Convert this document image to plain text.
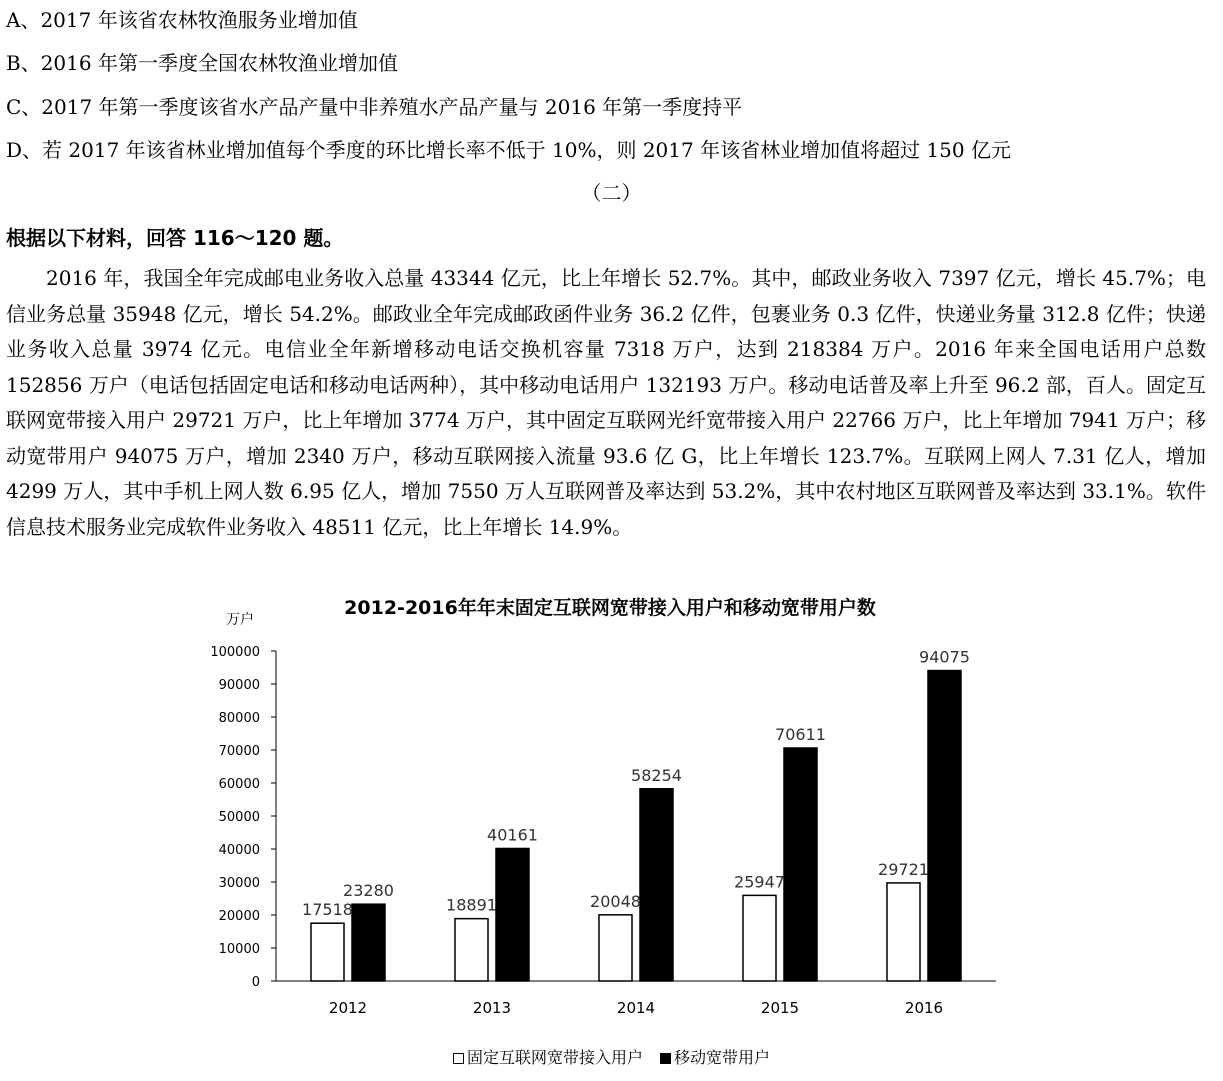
A、2017 年该省农林牧渔服务业增加值
B、2016 年第一季度全国农林牧渔业增加值
C、2017 年第一季度该省水产品产量中非养殖水产品产量与 2016 年第一季度持平
D、若 2017 年该省林业增加值每个季度的环比增长率不低于 10%，则 2017 年该省林业增加值将超过 150 亿元
（二）
根据以下材料，回答 116～120 题。

2016 年，我国全年完成邮电业务收入总量 43344 亿元，比上年增长 52.7%。其中，邮政业务收入 7397 亿元，增长 45.7%；电信业务总量 35948 亿元，增长 54.2%。邮政业全年完成邮政函件业务 36.2 亿件，包裹业务 0.3 亿件，快递业务量 312.8 亿件；快递业务收入总量 3974 亿元。电信业全年新增移动电话交换机容量 7318 万户，达到 218384 万户。2016 年来全国电话用户总数 152856 万户（电话包括固定电话和移动电话两种），其中移动电话用户 132193 万户。移动电话普及率上升至 96.2 部，百人。固定互联网宽带接入用户 29721 万户，比上年增加 3774 万户，其中固定互联网光纤宽带接入用户 22766 万户，比上年增加 7941 万户；移动宽带用户 94075 万户，增加 2340 万户，移动互联网接入流量 93.6 亿 G，比上年增长 123.7%。互联网上网人 7.31 亿人，增加 4299 万人，其中手机上网人数 6.95 亿人，增加 7550 万人互联网普及率达到 53.2%，其中农村地区互联网普及率达到 33.1%。软件信息技术服务业完成软件业务收入 48511 亿元，比上年增长 14.9%。

2012-2016年年末固定互联网宽带接入用户和移动宽带用户数
万户
0
10000
20000
30000
40000
50000
60000
70000
80000
90000
100000
2012	2013	2014	2015	2016
17518
23280
18891
40161
20048
58254
25947
70611
29721
94075
固定互联网宽带接入用户 移动宽带用户
